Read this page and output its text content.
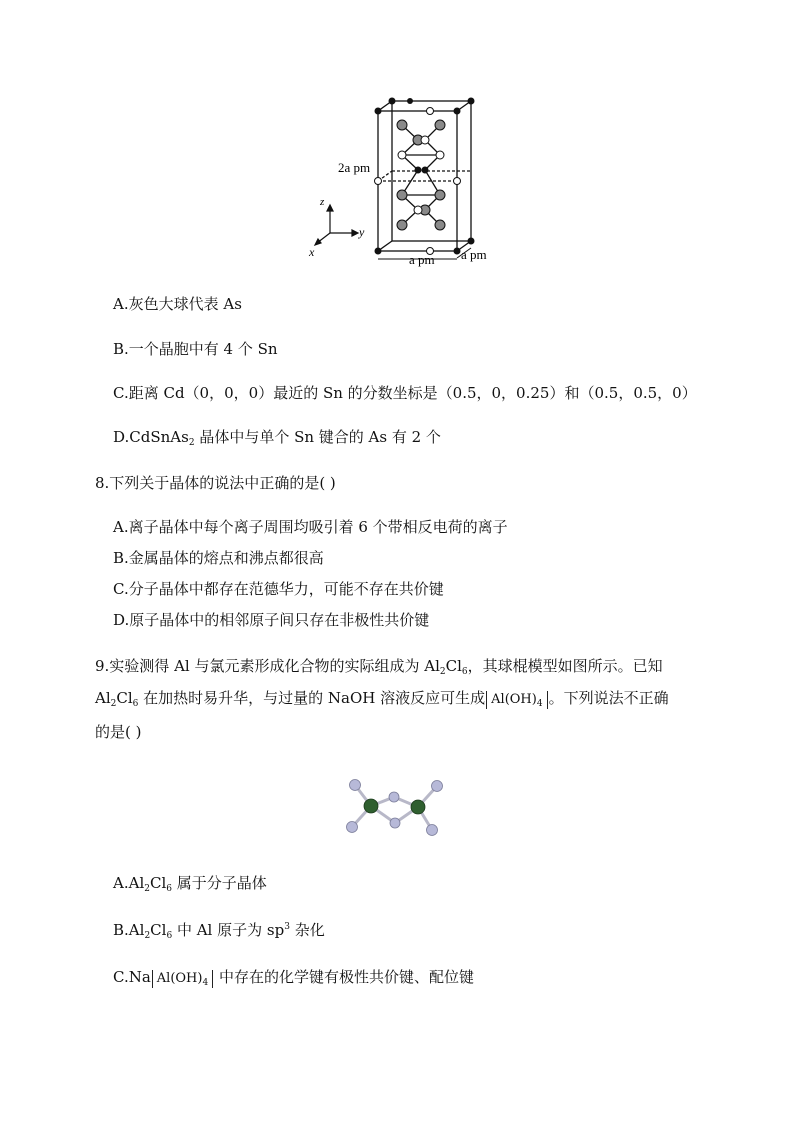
z
y
x
2a pm
a pm a pm
A.灰色大球代表 As
B.一个晶胞中有 4 个 Sn
C.距离 Cd（0，0，0）最近的 Sn 的分数坐标是（0.5，0，0.25）和（0.5，0.5，0）
D.CdSnAs$_2$ 晶体中与单个 Sn 键合的 As 有 2 个
8.下列关于晶体的说法中正确的是( )
A.离子晶体中每个离子周围均吸引着 6 个带相反电荷的离子
B.金属晶体的熔点和沸点都很高
C.分子晶体中都存在范德华力，可能不存在共价键
D.原子晶体中的相邻原子间只存在非极性共价键
9.实验测得 Al 与氯元素形成化合物的实际组成为 $Al_2Cl_6$，其球棍模型如图所示。已知
$Al_2Cl_6$ 在加热时易升华，与过量的 NaOH 溶液反应可生成 $Al(OH)_4$ 。下列说法不正确
的是( )
$A.Al_2Cl_6$ 属于分子晶体
$B.Al_2Cl_6$ 中 Al 原子为 $sp^3$ 杂化
C.Na $Al(OH)_4$ 中存在的化学键有极性共价键、配位键
